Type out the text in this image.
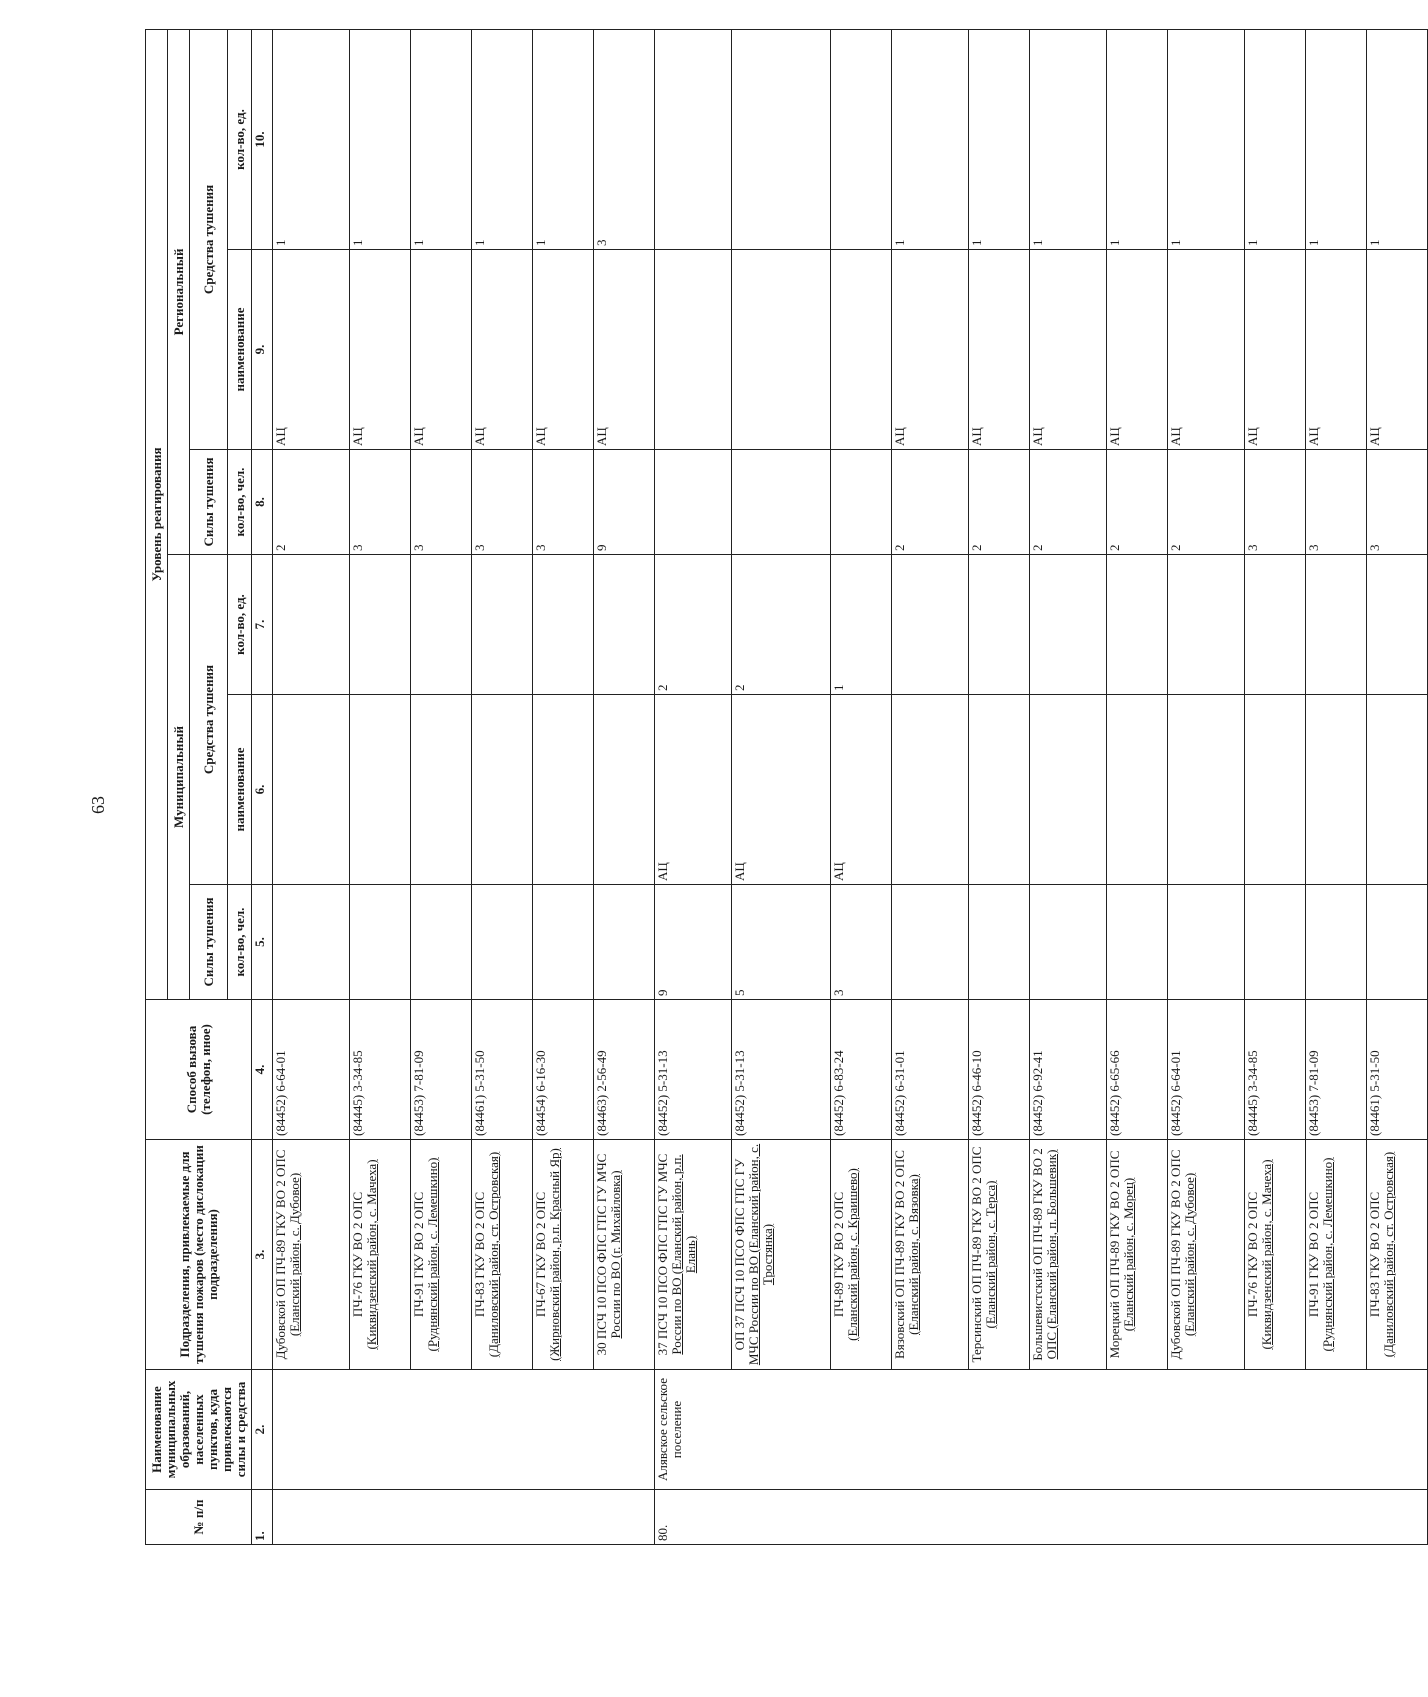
63
№ п/п	Наименование муниципальных образований, населенных пунктов, куда привлекаются силы и средства	Подразделения, привлекаемые для тушения пожаров (место дислокации подразделения)	Способ вызова (телефон, иное)	Уровень реагирования					
				Муниципальный			Региональный		
				Силы тушения	Средства тушения		Силы тушения	Средства тушения	
				кол-во, чел.	наименование	кол-во, ед.	кол-во, чел.	наименование	кол-во, ед.
1.	2.	3.	4.	5.	6.	7.	8.	9.	10.

		Дубовской ОП ПЧ-89 ГКУ ВО 2 ОПС (Еланский район, с. Дубовое)	(84452) 6-64-01				2	АЦ	1

		ПЧ-76 ГКУ ВО 2 ОПС (Киквидзенский район, с. Мачеха)	(84445) 3-34-85				3	АЦ	1

		ПЧ-91 ГКУ ВО 2 ОПС (Руднянский район, с. Лемешкино)	(84453) 7-81-09				3	АЦ	1

		ПЧ-83 ГКУ ВО 2 ОПС (Даниловский район, ст. Островская)	(84461) 5-31-50				3	АЦ	1

		ПЧ-67 ГКУ ВО 2 ОПС (Жирновский район, р.п. Красный Яр)	(84454) 6-16-30				3	АЦ	1

		30 ПСЧ 10 ПСО ФПС ГПС ГУ МЧС России по ВО (г. Михайловка)	(84463) 2-56-49				9	АЦ	3
80.	Алявское сельское поселение	37 ПСЧ 10 ПСО ФПС ГПС ГУ МЧС России по ВО (Еланский район, р.п. Елань)	(84452) 5-31-13	9	АЦ	2			

		ОП 37 ПСЧ 10 ПСО ФПС ГПС ГУ МЧС России по ВО (Еланский район, с. Тростянка)	(84452) 5-31-13	5	АЦ	2			

		ПЧ-89 ГКУ ВО 2 ОПС (Еланский район, с. Краишево)	(84452) 6-83-24	3	АЦ	1			

		Вязовский ОП ПЧ-89 ГКУ ВО 2 ОПС (Еланский район, с. Вязовка)	(84452) 6-31-01				2	АЦ	1

		Терсинский ОП ПЧ-89 ГКУ ВО 2 ОПС (Еланский район, с. Терса)	(84452) 6-46-10				2	АЦ	1

		Большевистский ОП ПЧ-89 ГКУ ВО 2 ОПС (Еланский район, п. Большевик)	(84452) 6-92-41				2	АЦ	1

		Морецкий ОП ПЧ-89 ГКУ ВО 2 ОПС (Еланский район, с. Морец)	(84452) 6-65-66				2	АЦ	1

		Дубовской ОП ПЧ-89 ГКУ ВО 2 ОПС (Еланский район, с. Дубовое)	(84452) 6-64-01				2	АЦ	1

		ПЧ-76 ГКУ ВО 2 ОПС (Киквидзенский район, с. Мачеха)	(84445) 3-34-85				3	АЦ	1

		ПЧ-91 ГКУ ВО 2 ОПС (Руднянский район, с. Лемешкино)	(84453) 7-81-09				3	АЦ	1

		ПЧ-83 ГКУ ВО 2 ОПС (Даниловский район, ст. Островская)	(84461) 5-31-50				3	АЦ	1
